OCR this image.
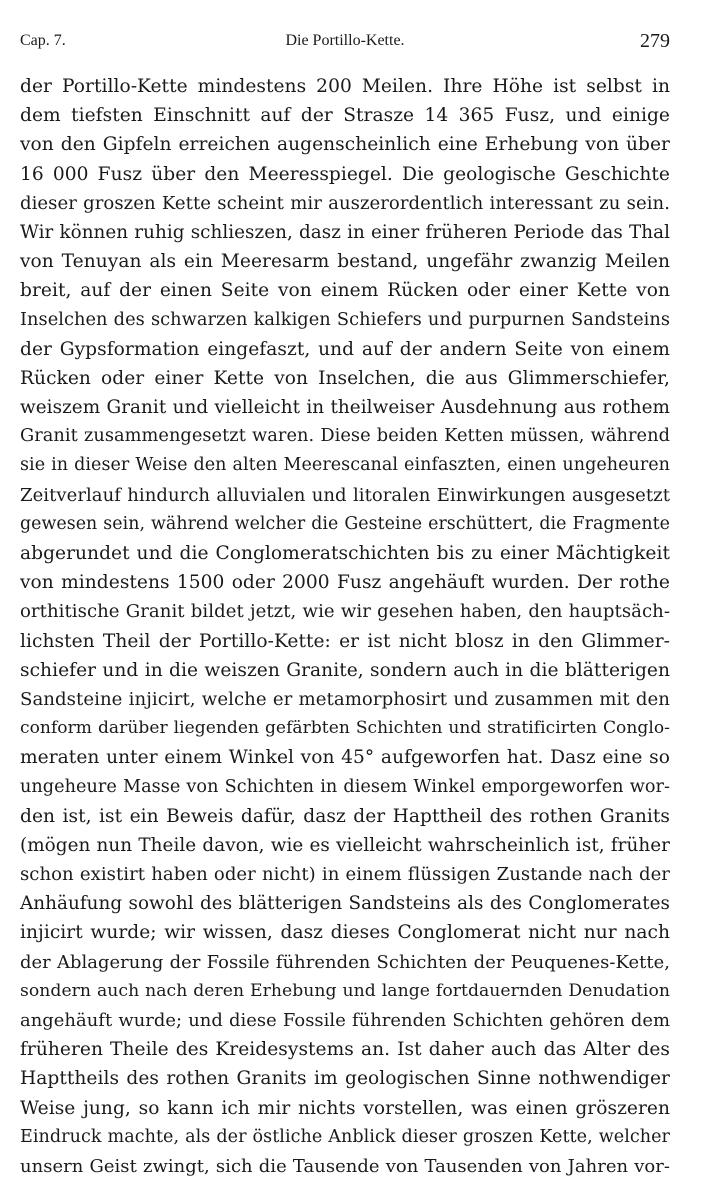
Cap. 7.	Die Portillo-Kette.	279
der Portillo-Kette mindestens 200 Meilen. Ihre Höhe ist selbst in
dem tiefsten Einschnitt auf der Strasze 14 365 Fusz, und einige
von den Gipfeln erreichen augenscheinlich eine Erhebung von über
16 000 Fusz über den Meeresspiegel. Die geologische Geschichte
dieser groszen Kette scheint mir auszerordentlich interessant zu sein.
Wir können ruhig schlieszen, dasz in einer früheren Periode das Thal
von Tenuyan als ein Meeresarm bestand, ungefähr zwanzig Meilen
breit, auf der einen Seite von einem Rücken oder einer Kette von
Inselchen des schwarzen kalkigen Schiefers und purpurnen Sandsteins
der Gypsformation eingefaszt, und auf der andern Seite von einem
Rücken oder einer Kette von Inselchen, die aus Glimmerschiefer,
weiszem Granit und vielleicht in theilweiser Ausdehnung aus rothem
Granit zusammengesetzt waren. Diese beiden Ketten müssen, während
sie in dieser Weise den alten Meerescanal einfaszten, einen ungeheuren
Zeitverlauf hindurch alluvialen und litoralen Einwirkungen ausgesetzt
gewesen sein, während welcher die Gesteine erschüttert, die Fragmente
abgerundet und die Conglomeratschichten bis zu einer Mächtigkeit
von mindestens 1500 oder 2000 Fusz angehäuft wurden. Der rothe
orthitische Granit bildet jetzt, wie wir gesehen haben, den hauptsäch-
lichsten Theil der Portillo-Kette: er ist nicht blosz in den Glimmer-
schiefer und in die weiszen Granite, sondern auch in die blätterigen
Sandsteine injicirt, welche er metamorphosirt und zusammen mit den
conform darüber liegenden gefärbten Schichten und stratificirten Conglo-
meraten unter einem Winkel von 45° aufgeworfen hat. Dasz eine so
ungeheure Masse von Schichten in diesem Winkel emporgeworfen wor-
den ist, ist ein Beweis dafür, dasz der Hapttheil des rothen Granits
(mögen nun Theile davon, wie es vielleicht wahrscheinlich ist, früher
schon existirt haben oder nicht) in einem flüssigen Zustande nach der
Anhäufung sowohl des blätterigen Sandsteins als des Conglomerates
injicirt wurde; wir wissen, dasz dieses Conglomerat nicht nur nach
der Ablagerung der Fossile führenden Schichten der Peuquenes-Kette,
sondern auch nach deren Erhebung und lange fortdauernden Denudation
angehäuft wurde; und diese Fossile führenden Schichten gehören dem
früheren Theile des Kreidesystems an. Ist daher auch das Alter des
Hapttheils des rothen Granits im geologischen Sinne nothwendiger
Weise jung, so kann ich mir nichts vorstellen, was einen gröszeren
Eindruck machte, als der östliche Anblick dieser groszen Kette, welcher
unsern Geist zwingt, sich die Tausende von Tausenden von Jahren vor-
